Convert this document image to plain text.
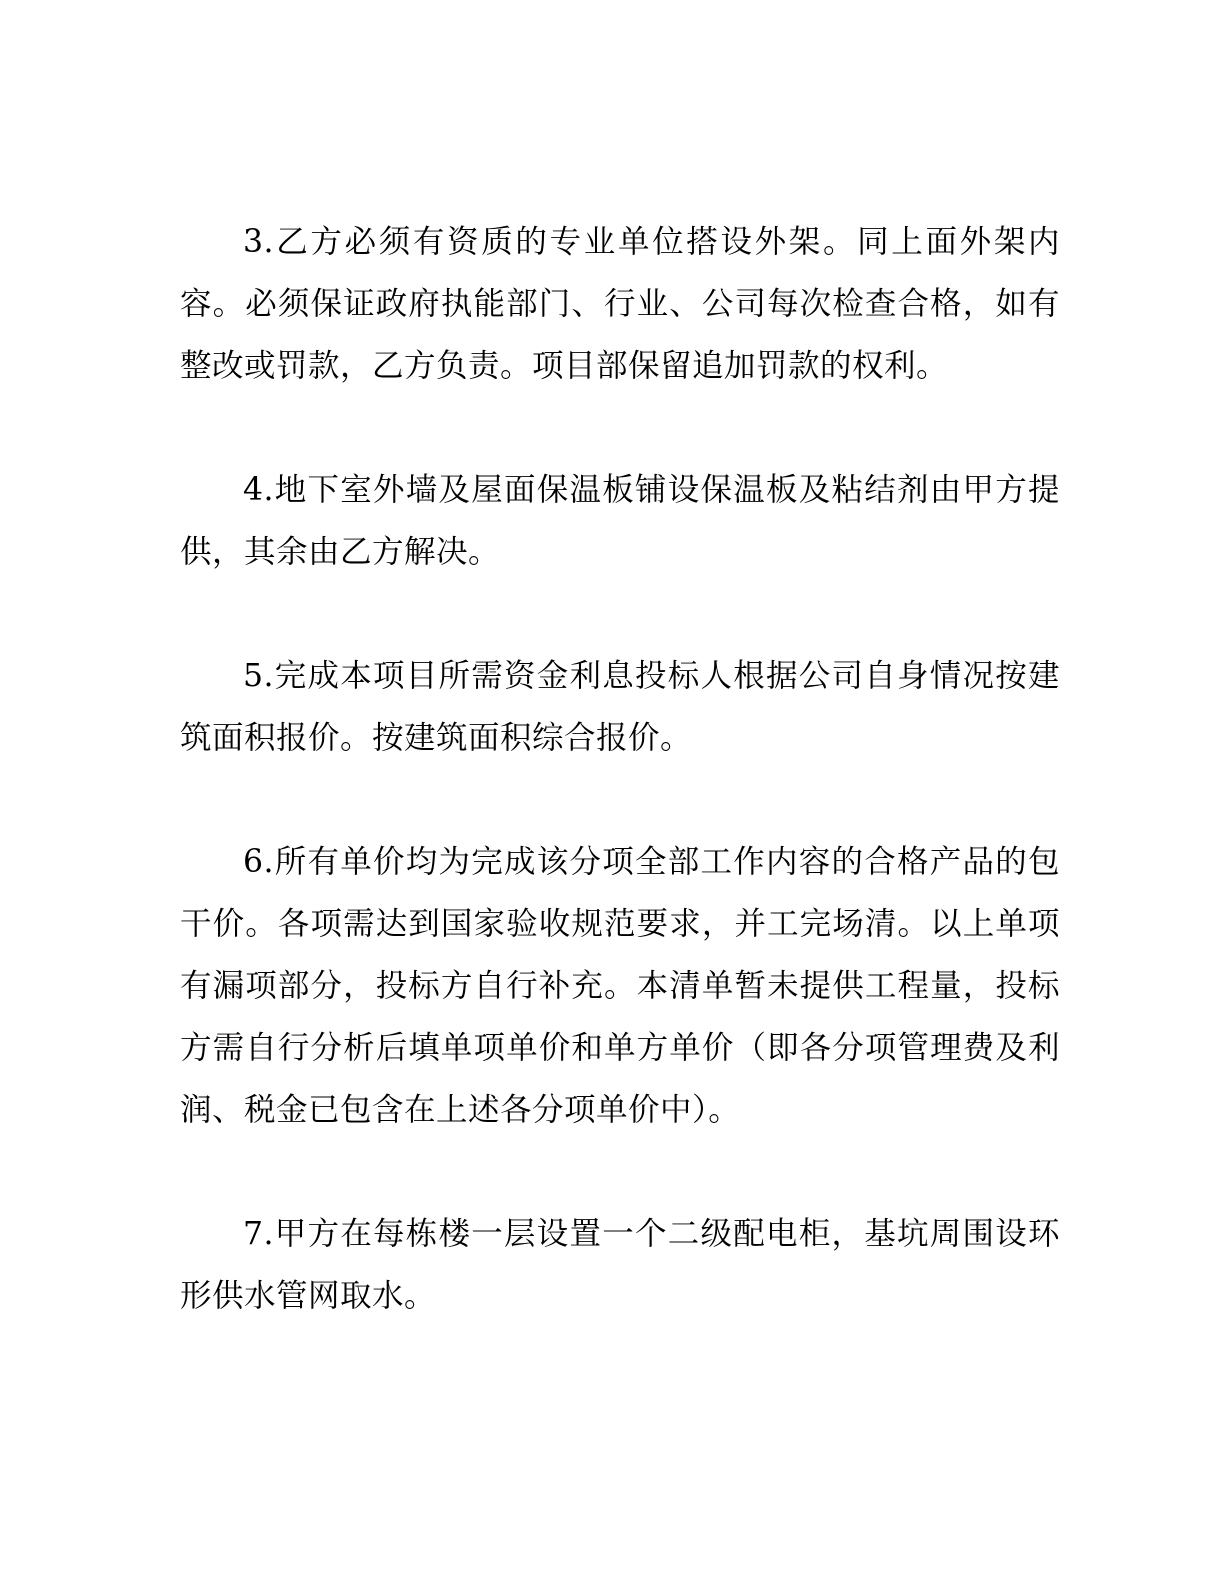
3.乙方必须有资质的专业单位搭设外架。同上面外架内容。必须保证政府执能部门、行业、公司每次检查合格，如有整改或罚款，乙方负责。项目部保留追加罚款的权利。

4.地下室外墙及屋面保温板铺设保温板及粘结剂由甲方提供，其余由乙方解决。

5.完成本项目所需资金利息投标人根据公司自身情况按建筑面积报价。按建筑面积综合报价。

6.所有单价均为完成该分项全部工作内容的合格产品的包干价。各项需达到国家验收规范要求，并工完场清。以上单项有漏项部分，投标方自行补充。本清单暂未提供工程量，投标方需自行分析后填单项单价和单方单价（即各分项管理费及利润、税金已包含在上述各分项单价中）。

7.甲方在每栋楼一层设置一个二级配电柜，基坑周围设环形供水管网取水。
